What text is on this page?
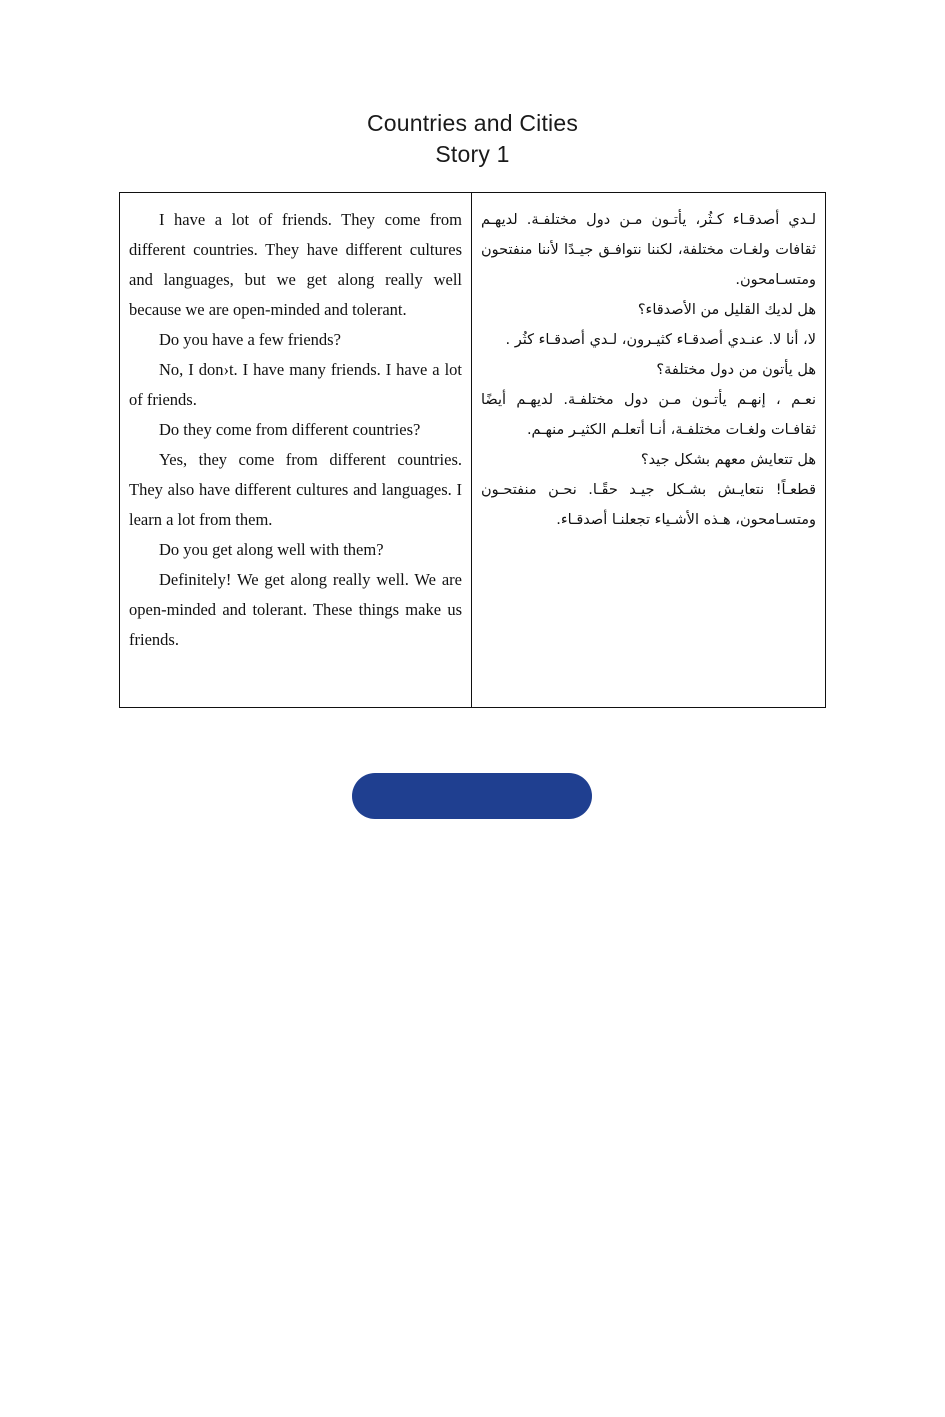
Countries and Cities
Story 1

I have a lot of friends. They come from different countries. They have different cultures and languages, but we get along really well because we are open-minded and tolerant.

Do you have a few friends?

No, I don›t. I have many friends. I have a lot of friends.

Do they come from different countries?

Yes, they come from different countries. They also have different cultures and languages. I learn a lot from them.

Do you get along well with them?

Definitely! We get along really well. We are open-minded and tolerant. These things make us friends.

لـدي أصدقـاء كـثُر، يأتـون مـن دول مختلفـة. لديهـم ثقافات ولغـات مختلفة، لكننا نتوافـق جيـدًا لأننا منفتحون ومتسـامحون.

هل لديك القليل من الأصدقاء؟

لا، أنا لا. عنـدي أصدقـاء كثيـرون، لـدي أصدقـاء كثُر .

هل يأتون من دول مختلفة؟

نعـم ، إنهـم يأتـون مـن دول مختلفـة. لديهـم أيضًا ثقافـات ولغـات مختلفـة، أنـا أتعلـم الكثيـر منهـم.

هل تتعايش معهم بشكل جيد؟

قطعـاً! نتعايـش بشـكل جيـد حقًـا. نحـن منفتحـون ومتسـامحون، هـذه الأشـياء تجعلنـا أصدقـاء.
